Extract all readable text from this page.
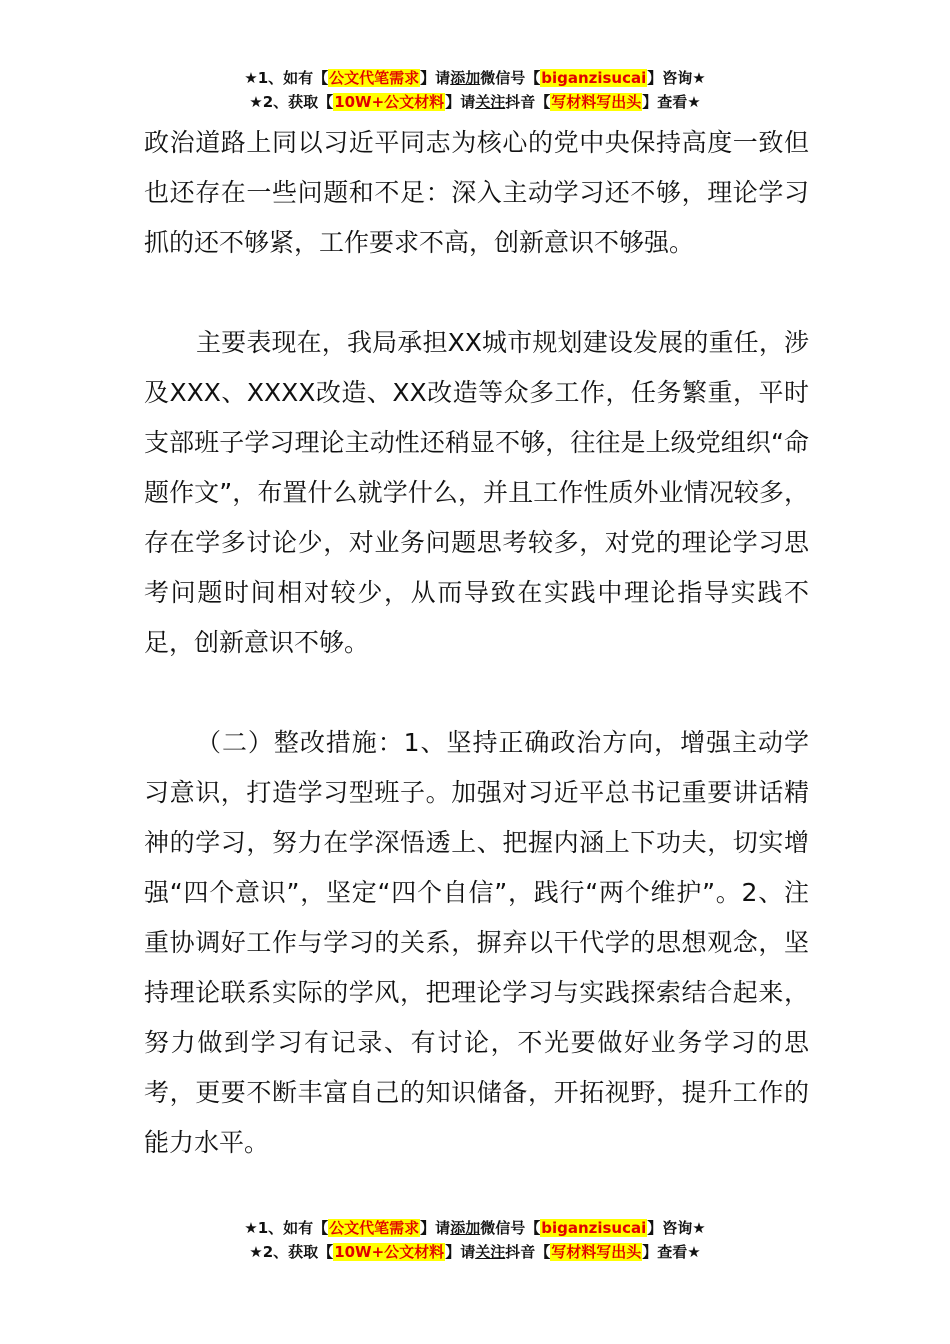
★1、如有【公文代笔需求】请添加微信号【biganzisucai】咨询★
★2、获取【10W+公文材料】请关注抖音【写材料写出头】查看★

政治道路上同以习近平同志为核心的党中央保持高度一致但也还存在一些问题和不足：深入主动学习还不够，理论学习抓的还不够紧，工作要求不高，创新意识不够强。

主要表现在，我局承担XX城市规划建设发展的重任，涉及XXX、XXXX改造、XX改造等众多工作，任务繁重，平时支部班子学习理论主动性还稍显不够，往往是上级党组织“命题作文”，布置什么就学什么，并且工作性质外业情况较多，存在学多讨论少，对业务问题思考较多，对党的理论学习思考问题时间相对较少，从而导致在实践中理论指导实践不足，创新意识不够。

（二）整改措施：1、坚持正确政治方向，增强主动学习意识，打造学习型班子。加强对习近平总书记重要讲话精神的学习，努力在学深悟透上、把握内涵上下功夫，切实增强“四个意识”，坚定“四个自信”，践行“两个维护”。2、注重协调好工作与学习的关系，摒弃以干代学的思想观念，坚持理论联系实际的学风，把理论学习与实践探索结合起来，努力做到学习有记录、有讨论，不光要做好业务学习的思考，更要不断丰富自己的知识储备，开拓视野，提升工作的能力水平。

★1、如有【公文代笔需求】请添加微信号【biganzisucai】咨询★
★2、获取【10W+公文材料】请关注抖音【写材料写出头】查看★
